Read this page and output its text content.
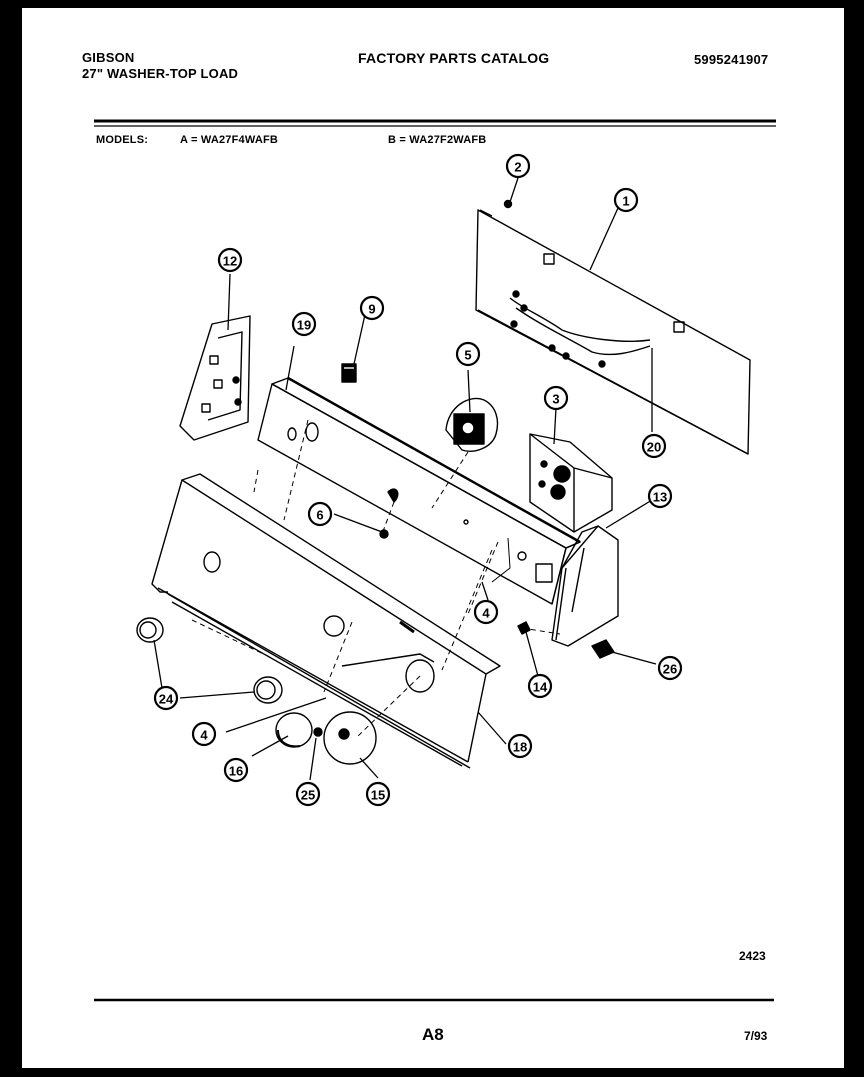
GIBSON
27" WASHER-TOP LOAD
FACTORY PARTS CATALOG	5995241907
MODELS:	A = WA27F4WAFB	B = WA27F2WAFB
1
2
3
4
4
5
6
9
12
13
14
15
16
18
19
20
24
25
26
2423
A8	7/93
